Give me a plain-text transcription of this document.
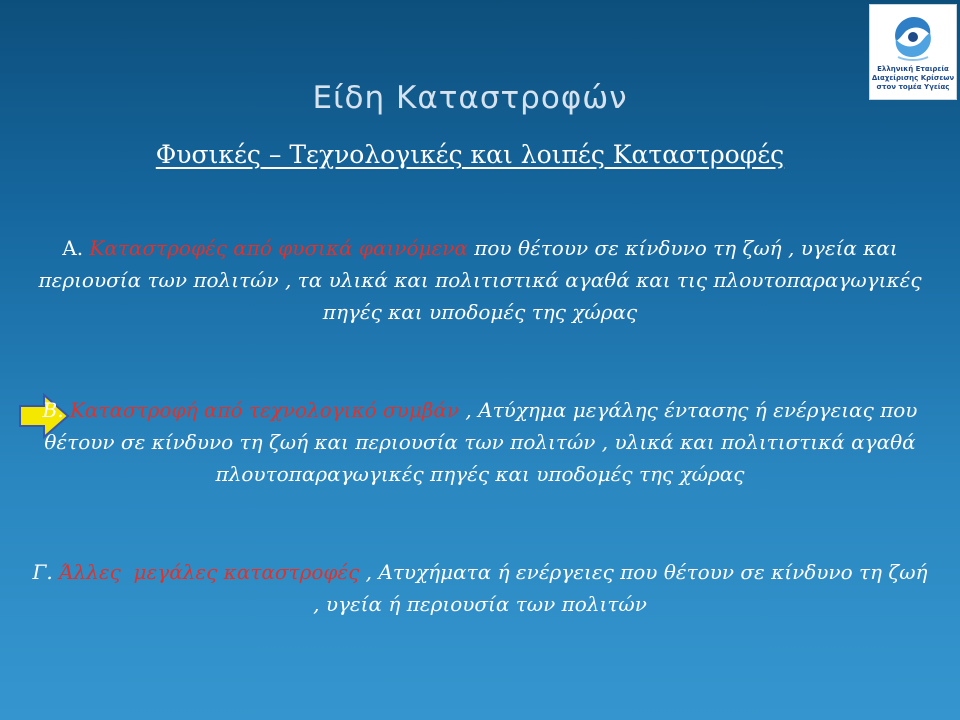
Ελληνική Εταιρεία
Διαχείρισης Κρίσεων
στον τομέα Υγείας
Είδη Καταστροφών
Φυσικές – Τεχνολογικές και λοιπές Καταστροφές
Α. Καταστροφές από φυσικά φαινόμενα που θέτουν σε κίνδυνο τη ζωή , υγεία και περιουσία των πολιτών , τα υλικά και πολιτιστικά αγαθά και τις πλουτοπαραγωγικές πηγές και υποδομές της χώρας
Β. Καταστροφή από τεχνολογικό συμβάν , Ατύχημα μεγάλης έντασης ή ενέργειας που θέτουν σε κίνδυνο τη ζωή και περιουσία των πολιτών , υλικά και πολιτιστικά αγαθά πλουτοπαραγωγικές πηγές και υποδομές της χώρας
Γ. Άλλες  μεγάλες καταστροφές , Ατυχήματα ή ενέργειες που θέτουν σε κίνδυνο τη ζωή , υγεία ή περιουσία των πολιτών
